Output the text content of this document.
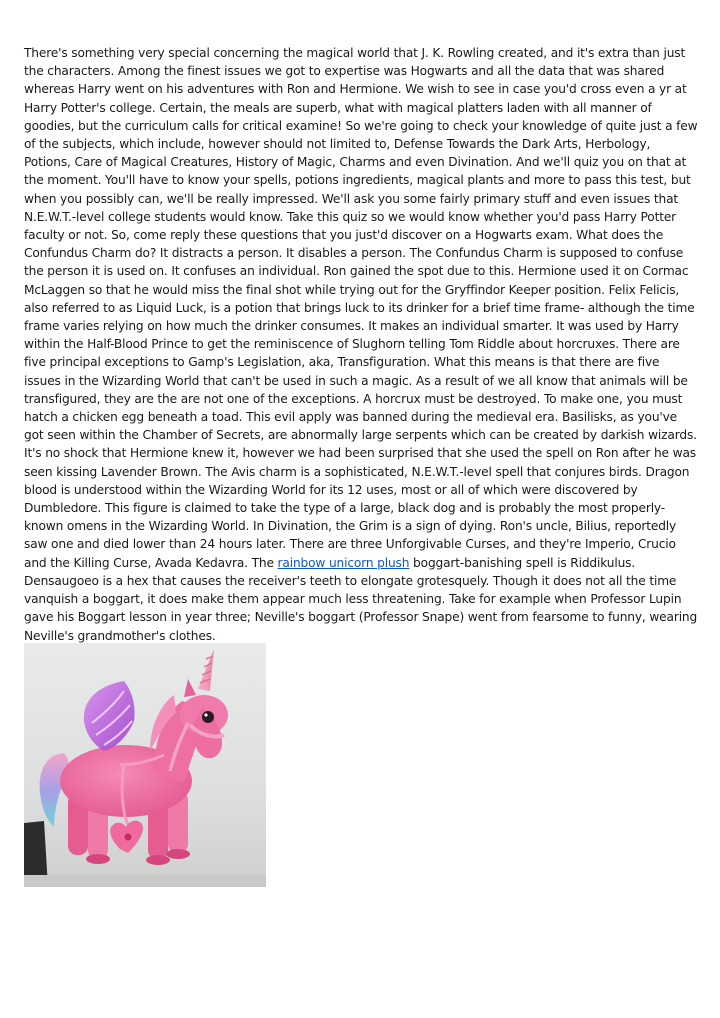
There's something very special concerning the magical world that J. K. Rowling created, and it's extra than just the characters. Among the finest issues we got to expertise was Hogwarts and all the data that was shared whereas Harry went on his adventures with Ron and Hermione. We wish to see in case you'd cross even a yr at Harry Potter's college. Certain, the meals are superb, what with magical platters laden with all manner of goodies, but the curriculum calls for critical examine! So we're going to check your knowledge of quite just a few of the subjects, which include, however should not limited to, Defense Towards the Dark Arts, Herbology, Potions, Care of Magical Creatures, History of Magic, Charms and even Divination. And we'll quiz you on that at the moment. You'll have to know your spells, potions ingredients, magical plants and more to pass this test, but when you possibly can, we'll be really impressed. We'll ask you some fairly primary stuff and even issues that N.E.W.T.-level college students would know. Take this quiz so we would know whether you'd pass Harry Potter faculty or not. So, come reply these questions that you just'd discover on a Hogwarts exam. What does the Confundus Charm do? It distracts a person. It disables a person. The Confundus Charm is supposed to confuse the person it is used on. It confuses an individual. Ron gained the spot due to this. Hermione used it on Cormac McLaggen so that he would miss the final shot while trying out for the Gryffindor Keeper position. Felix Felicis, also referred to as Liquid Luck, is a potion that brings luck to its drinker for a brief time frame- although the time frame varies relying on how much the drinker consumes. It makes an individual smarter. It was used by Harry within the Half-Blood Prince to get the reminiscence of Slughorn telling Tom Riddle about horcruxes. There are five principal exceptions to Gamp's Legislation, aka, Transfiguration. What this means is that there are five issues in the Wizarding World that can't be used in such a magic. As a result of we all know that animals will be transfigured, they are the are not one of the exceptions. A horcrux must be destroyed. To make one, you must hatch a chicken egg beneath a toad. This evil apply was banned during the medieval era. Basilisks, as you've got seen within the Chamber of Secrets, are abnormally large serpents which can be created by darkish wizards. It's no shock that Hermione knew it, however we had been surprised that she used the spell on Ron after he was seen kissing Lavender Brown. The Avis charm is a sophisticated, N.E.W.T.-level spell that conjures birds. Dragon blood is understood within the Wizarding World for its 12 uses, most or all of which were discovered by Dumbledore. This figure is claimed to take the type of a large, black dog and is probably the most properly-known omens in the Wizarding World. In Divination, the Grim is a sign of dying. Ron's uncle, Bilius, reportedly saw one and died lower than 24 hours later. There are three Unforgivable Curses, and they're Imperio, Crucio and the Killing Curse, Avada Kedavra. The rainbow unicorn plush boggart-banishing spell is Riddikulus. Densaugoeo is a hex that causes the receiver's teeth to elongate grotesquely. Though it does not all the time vanquish a boggart, it does make them appear much less threatening. Take for example when Professor Lupin gave his Boggart lesson in year three; Neville's boggart (Professor Snape) went from fearsome to funny, wearing Neville's grandmother's clothes.
